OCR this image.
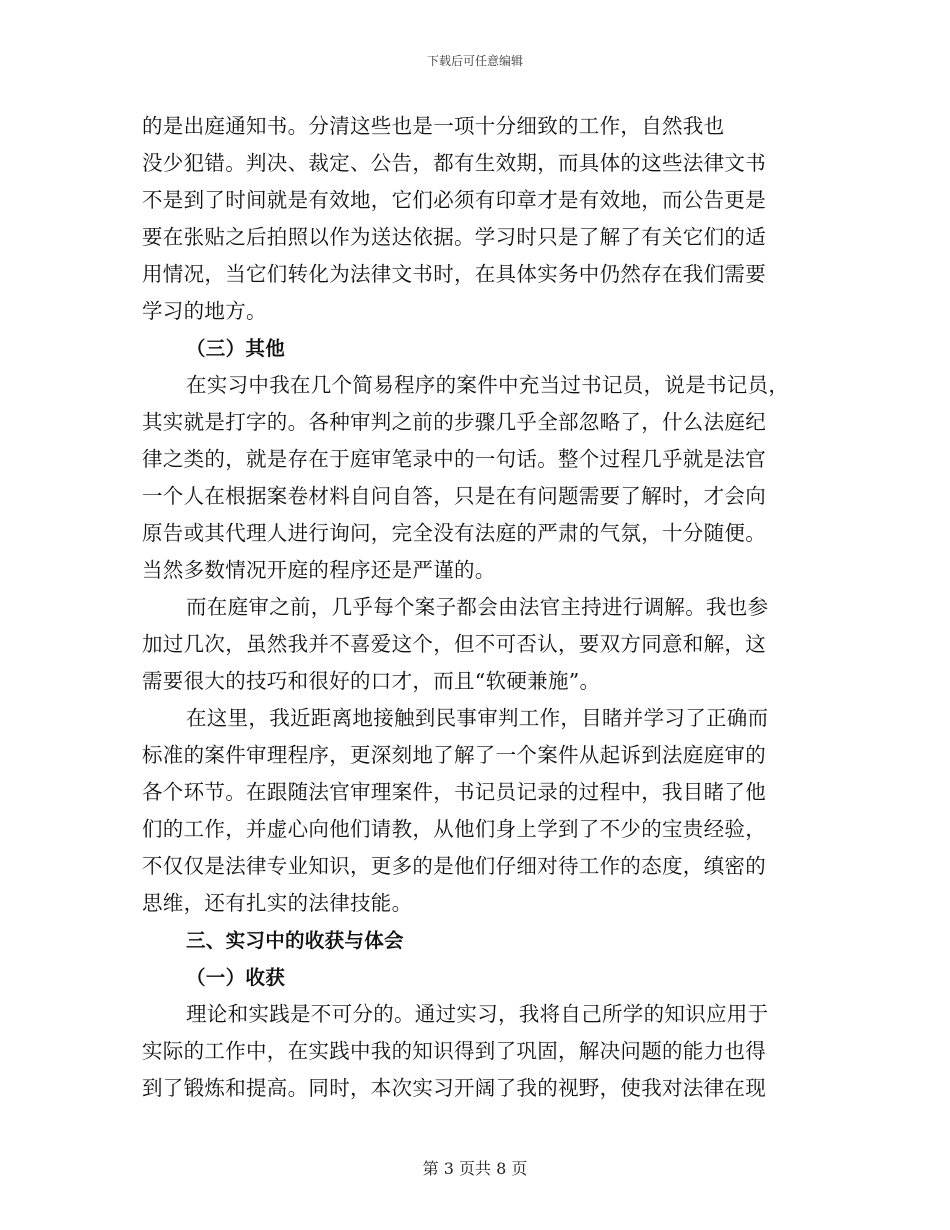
下载后可任意编辑
的是出庭通知书。分清这些也是一项十分细致的工作，自然我也
没少犯错。判决、裁定、公告，都有生效期，而具体的这些法律文书
不是到了时间就是有效地，它们必须有印章才是有效地，而公告更是
要在张贴之后拍照以作为送达依据。学习时只是了解了有关它们的适
用情况，当它们转化为法律文书时，在具体实务中仍然存在我们需要
学习的地方。
（三）其他
在实习中我在几个简易程序的案件中充当过书记员，说是书记员，
其实就是打字的。各种审判之前的步骤几乎全部忽略了，什么法庭纪
律之类的，就是存在于庭审笔录中的一句话。整个过程几乎就是法官
一个人在根据案卷材料自问自答，只是在有问题需要了解时，才会向
原告或其代理人进行询问，完全没有法庭的严肃的气氛，十分随便。
当然多数情况开庭的程序还是严谨的。
而在庭审之前，几乎每个案子都会由法官主持进行调解。我也参
加过几次，虽然我并不喜爱这个，但不可否认，要双方同意和解，这
需要很大的技巧和很好的口才，而且“软硬兼施”。
在这里，我近距离地接触到民事审判工作，目睹并学习了正确而
标准的案件审理程序，更深刻地了解了一个案件从起诉到法庭庭审的
各个环节。在跟随法官审理案件，书记员记录的过程中，我目睹了他
们的工作，并虚心向他们请教，从他们身上学到了不少的宝贵经验，
不仅仅是法律专业知识，更多的是他们仔细对待工作的态度，缜密的
思维，还有扎实的法律技能。
三、实习中的收获与体会
（一）收获
理论和实践是不可分的。通过实习，我将自己所学的知识应用于
实际的工作中，在实践中我的知识得到了巩固，解决问题的能力也得
到了锻炼和提高。同时，本次实习开阔了我的视野，使我对法律在现
第 3 页共 8 页
